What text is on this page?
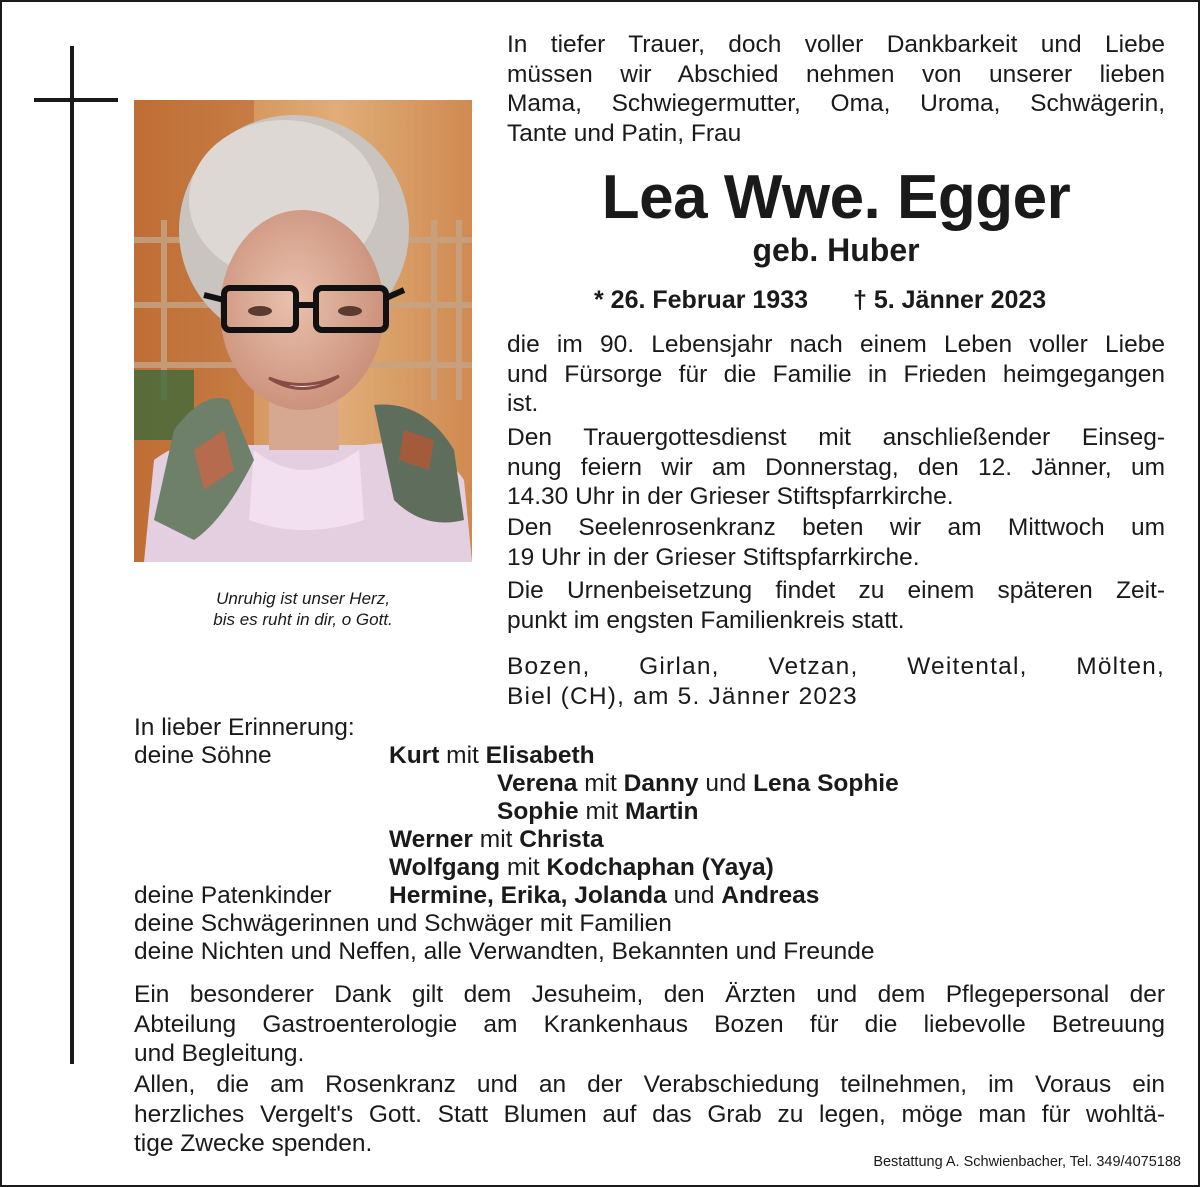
Unruhig ist unser Herz,
bis es ruht in dir, o Gott.
In tiefer Trauer, doch voller Dankbarkeit und Liebe
müssen wir Abschied nehmen von unserer lieben
Mama, Schwiegermutter, Oma, Uroma, Schwägerin,
Tante und Patin, Frau
Lea Wwe. Egger
geb. Huber
* 26. Februar 1933 † 5. Jänner 2023
die im 90. Lebensjahr nach einem Leben voller Liebe
und Fürsorge für die Familie in Frieden heimgegangen
ist.
Den Trauergottesdienst mit anschließender Einseg-
nung feiern wir am Donnerstag, den 12. Jänner, um
14.30 Uhr in der Grieser Stiftspfarrkirche.
Den Seelenrosenkranz beten wir am Mittwoch um
19 Uhr in der Grieser Stiftspfarrkirche.
Die Urnenbeisetzung findet zu einem späteren Zeit-
punkt im engsten Familienkreis statt.
Bozen, Girlan, Vetzan, Weitental, Mölten,
Biel (CH), am 5. Jänner 2023
In lieber Erinnerung:
deine Söhne	Kurt mit Elisabeth
Verena mit Danny und Lena Sophie
Sophie mit Martin
Werner mit Christa
Wolfgang mit Kodchaphan (Yaya)
deine Patenkinder Hermine, Erika, Jolanda und Andreas
deine Schwägerinnen und Schwäger mit Familien
deine Nichten und Neffen, alle Verwandten, Bekannten und Freunde
Ein besonderer Dank gilt dem Jesuheim, den Ärzten und dem Pflegepersonal der
Abteilung Gastroenterologie am Krankenhaus Bozen für die liebevolle Betreuung
und Begleitung.
Allen, die am Rosenkranz und an der Verabschiedung teilnehmen, im Voraus ein
herzliches Vergelt's Gott. Statt Blumen auf das Grab zu legen, möge man für wohltä-
tige Zwecke spenden.
Bestattung A. Schwienbacher, Tel. 349/4075188
